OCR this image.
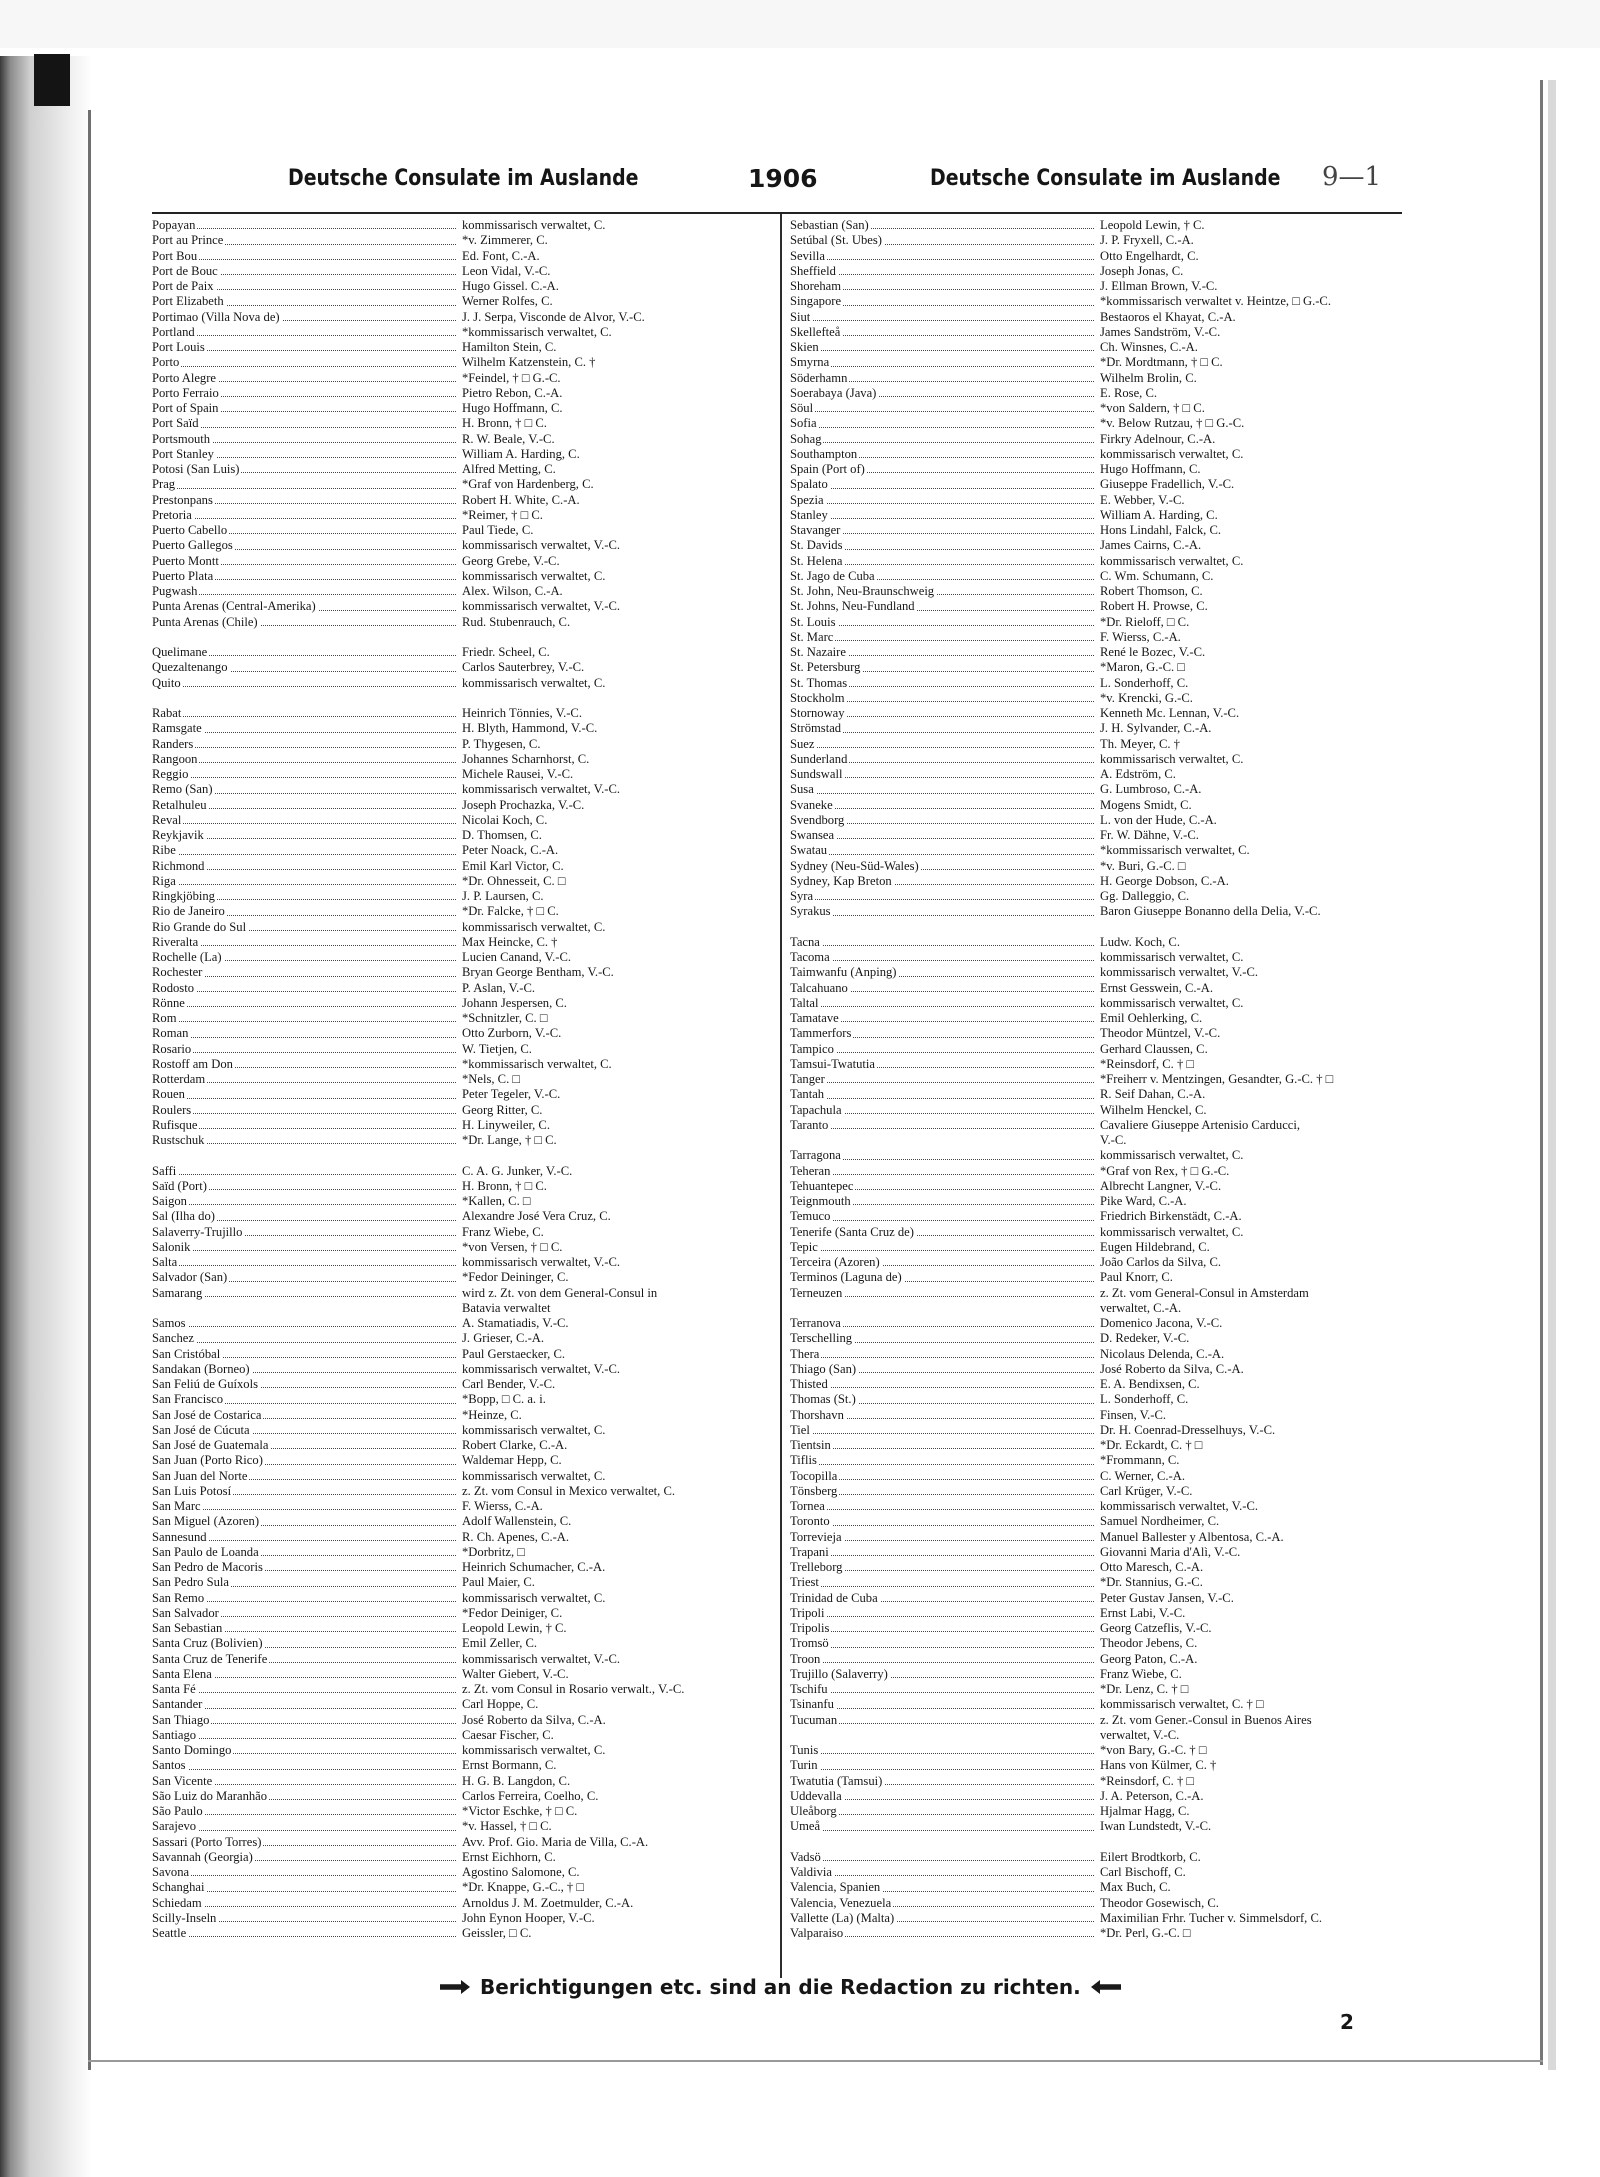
Deutsche Consulate im Auslande	1906	Deutsche Consulate im Auslande 9—1
Popayan	kommissarisch verwaltet, C.
Port au Prince	*v. Zimmerer, C.
Port Bou	Ed. Font, C.-A.
Port de Bouc	Leon Vidal, V.-C.
Port de Paix	Hugo Gissel. C.-A.
Port Elizabeth	Werner Rolfes, C.
Portimao (Villa Nova de)	J. J. Serpa, Visconde de Alvor, V.-C.
Portland	*kommissarisch verwaltet, C.
Port Louis	Hamilton Stein, C.
Porto	Wilhelm Katzenstein, C. †
Porto Alegre	*Feindel, † □ G.-C.
Porto Ferraio	Pietro Rebon, C.-A.
Port of Spain	Hugo Hoffmann, C.
Port Saïd	H. Bronn, † □ C.
Portsmouth	R. W. Beale, V.-C.
Port Stanley	William A. Harding, C.
Potosi (San Luis)	Alfred Metting, C.
Prag	*Graf von Hardenberg, C.
Prestonpans	Robert H. White, C.-A.
Pretoria	*Reimer, † □ C.
Puerto Cabello	Paul Tiede, C.
Puerto Gallegos	kommissarisch verwaltet, V.-C.
Puerto Montt	Georg Grebe, V.-C.
Puerto Plata	kommissarisch verwaltet, C.
Pugwash	Alex. Wilson, C.-A.
Punta Arenas (Central-Amerika)	kommissarisch verwaltet, V.-C.
Punta Arenas (Chile)	Rud. Stubenrauch, C.
Quelimane	Friedr. Scheel, C.
Quezaltenango	Carlos Sauterbrey, V.-C.
Quito	kommissarisch verwaltet, C.
Rabat	Heinrich Tönnies, V.-C.
Ramsgate	H. Blyth, Hammond, V.-C.
Randers	P. Thygesen, C.
Rangoon	Johannes Scharnhorst, C.
Reggio	Michele Rausei, V.-C.
Remo (San)	kommissarisch verwaltet, V.-C.
Retalhuleu	Joseph Prochazka, V.-C.
Reval	Nicolai Koch, C.
Reykjavik	D. Thomsen, C.
Ribe	Peter Noack, C.-A.
Richmond	Emil Karl Victor, C.
Riga	*Dr. Ohnesseit, C. □
Ringkjöbing	J. P. Laursen, C.
Rio de Janeiro	*Dr. Falcke, † □ C.
Rio Grande do Sul	kommissarisch verwaltet, C.
Riveralta	Max Heincke, C. †
Rochelle (La)	Lucien Canand, V.-C.
Rochester	Bryan George Bentham, V.-C.
Rodosto	P. Aslan, V.-C.
Rönne	Johann Jespersen, C.
Rom	*Schnitzler, C. □
Roman	Otto Zurborn, V.-C.
Rosario	W. Tietjen, C.
Rostoff am Don	*kommissarisch verwaltet, C.
Rotterdam	*Nels, C. □
Rouen	Peter Tegeler, V.-C.
Roulers	Georg Ritter, C.
Rufisque	H. Linyweiler, C.
Rustschuk	*Dr. Lange, † □ C.
Saffi	C. A. G. Junker, V.-C.
Saïd (Port)	H. Bronn, † □ C.
Saigon	*Kallen, C. □
Sal (Ilha do)	Alexandre José Vera Cruz, C.
Salaverry-Trujillo	Franz Wiebe, C.
Salonik	*von Versen, † □ C.
Salta	kommissarisch verwaltet, V.-C.
Salvador (San)	*Fedor Deininger, C.
Samarang	wird z. Zt. von dem General-Consul in
Batavia verwaltet
Samos	A. Stamatiadis, V.-C.
Sanchez	J. Grieser, C.-A.
San Cristóbal	Paul Gerstaecker, C.
Sandakan (Borneo)	kommissarisch verwaltet, V.-C.
San Feliú de Guíxols	Carl Bender, V.-C.
San Francisco	*Bopp, □ C. a. i.
San José de Costarica	*Heinze, C.
San José de Cúcuta	kommissarisch verwaltet, C.
San José de Guatemala	Robert Clarke, C.-A.
San Juan (Porto Rico)	Waldemar Hepp, C.
San Juan del Norte	kommissarisch verwaltet, C.
San Luis Potosí	z. Zt. vom Consul in Mexico verwaltet, C.
San Marc	F. Wierss, C.-A.
San Miguel (Azoren)	Adolf Wallenstein, C.
Sannesund	R. Ch. Apenes, C.-A.
San Paulo de Loanda	*Dorbritz, □
San Pedro de Macoris	Heinrich Schumacher, C.-A.
San Pedro Sula	Paul Maier, C.
San Remo	kommissarisch verwaltet, C.
San Salvador	*Fedor Deiniger, C.
San Sebastian	Leopold Lewin, † C.
Santa Cruz (Bolivien)	Emil Zeller, C.
Santa Cruz de Tenerife	kommissarisch verwaltet, V.-C.
Santa Elena	Walter Giebert, V.-C.
Santa Fé	z. Zt. vom Consul in Rosario verwalt., V.-C.
Santander	Carl Hoppe, C.
San Thiago	José Roberto da Silva, C.-A.
Santiago	Caesar Fischer, C.
Santo Domingo	kommissarisch verwaltet, C.
Santos	Ernst Bormann, C.
San Vicente	H. G. B. Langdon, C.
São Luiz do Maranhão	Carlos Ferreira, Coelho, C.
São Paulo	*Victor Eschke, † □ C.
Sarajevo	*v. Hassel, † □ C.
Sassari (Porto Torres)	Avv. Prof. Gio. Maria de Villa, C.-A.
Savannah (Georgia)	Ernst Eichhorn, C.
Savona	Agostino Salomone, C.
Schanghai	*Dr. Knappe, G.-C., † □
Schiedam	Arnoldus J. M. Zoetmulder, C.-A.
Scilly-Inseln	John Eynon Hooper, V.-C.
Seattle	Geissler, □ C.
Sebastian (San)	Leopold Lewin, † C.
Setúbal (St. Ubes)	J. P. Fryxell, C.-A.
Sevilla	Otto Engelhardt, C.
Sheffield	Joseph Jonas, C.
Shoreham	J. Ellman Brown, V.-C.
Singapore	*kommissarisch verwaltet v. Heintze, □ G.-C.
Siut	Bestaoros el Khayat, C.-A.
Skellefteå	James Sandström, V.-C.
Skien	Ch. Winsnes, C.-A.
Smyrna	*Dr. Mordtmann, † □ C.
Söderhamn	Wilhelm Brolin, C.
Soerabaya (Java)	E. Rose, C.
Söul	*von Saldern, † □ C.
Sofia	*v. Below Rutzau, † □ G.-C.
Sohag	Firkry Adelnour, C.-A.
Southampton	kommissarisch verwaltet, C.
Spain (Port of)	Hugo Hoffmann, C.
Spalato	Giuseppe Fradellich, V.-C.
Spezia	E. Webber, V.-C.
Stanley	William A. Harding, C.
Stavanger	Hons Lindahl, Falck, C.
St. Davids	James Cairns, C.-A.
St. Helena	kommissarisch verwaltet, C.
St. Jago de Cuba	C. Wm. Schumann, C.
St. John, Neu-Braunschweig	Robert Thomson, C.
St. Johns, Neu-Fundland	Robert H. Prowse, C.
St. Louis	*Dr. Rieloff, □ C.
St. Marc	F. Wierss, C.-A.
St. Nazaire	René le Bozec, V.-C.
St. Petersburg	*Maron, G.-C. □
St. Thomas	L. Sonderhoff, C.
Stockholm	*v. Krencki, G.-C.
Stornoway	Kenneth Mc. Lennan, V.-C.
Strömstad	J. H. Sylvander, C.-A.
Suez	Th. Meyer, C. †
Sunderland	kommissarisch verwaltet, C.
Sundswall	A. Edström, C.
Susa	G. Lumbroso, C.-A.
Svaneke	Mogens Smidt, C.
Svendborg	L. von der Hude, C.-A.
Swansea	Fr. W. Dähne, V.-C.
Swatau	*kommissarisch verwaltet, C.
Sydney (Neu-Süd-Wales)	*v. Buri, G.-C. □
Sydney, Kap Breton	H. George Dobson, C.-A.
Syra	Gg. Dalleggio, C.
Syrakus	Baron Giuseppe Bonanno della Delia, V.-C.
Tacna	Ludw. Koch, C.
Tacoma	kommissarisch verwaltet, C.
Taimwanfu (Anping)	kommissarisch verwaltet, V.-C.
Talcahuano	Ernst Gesswein, C.-A.
Taltal	kommissarisch verwaltet, C.
Tamatave	Emil Oehlerking, C.
Tammerfors	Theodor Müntzel, V.-C.
Tampico	Gerhard Claussen, C.
Tamsui-Twatutia	*Reinsdorf, C. † □
Tanger	*Freiherr v. Mentzingen, Gesandter, G.-C. † □
Tantah	R. Seif Dahan, C.-A.
Tapachula	Wilhelm Henckel, C.
Taranto	Cavaliere Giuseppe Artenisio Carducci,
V.-C.
Tarragona	kommissarisch verwaltet, C.
Teheran	*Graf von Rex, † □ G.-C.
Tehuantepec	Albrecht Langner, V.-C.
Teignmouth	Pike Ward, C.-A.
Temuco	Friedrich Birkenstädt, C.-A.
Tenerife (Santa Cruz de)	kommissarisch verwaltet, C.
Tepic	Eugen Hildebrand, C.
Terceira (Azoren)	João Carlos da Silva, C.
Terminos (Laguna de)	Paul Knorr, C.
Terneuzen	z. Zt. vom General-Consul in Amsterdam
verwaltet, C.-A.
Terranova	Domenico Jacona, V.-C.
Terschelling	D. Redeker, V.-C.
Thera	Nicolaus Delenda, C.-A.
Thiago (San)	José Roberto da Silva, C.-A.
Thisted	E. A. Bendixsen, C.
Thomas (St.)	L. Sonderhoff, C.
Thorshavn	Finsen, V.-C.
Tiel	Dr. H. Coenrad-Dresselhuys, V.-C.
Tientsin	*Dr. Eckardt, C. † □
Tiflis	*Frommann, C.
Tocopilla	C. Werner, C.-A.
Tönsberg	Carl Krüger, V.-C.
Tornea	kommissarisch verwaltet, V.-C.
Toronto	Samuel Nordheimer, C.
Torrevieja	Manuel Ballester y Albentosa, C.-A.
Trapani	Giovanni Maria d'Alì, V.-C.
Trelleborg	Otto Maresch, C.-A.
Triest	*Dr. Stannius, G.-C.
Trinidad de Cuba	Peter Gustav Jansen, V.-C.
Tripoli	Ernst Labi, V.-C.
Tripolis	Georg Catzeflis, V.-C.
Tromsö	Theodor Jebens, C.
Troon	Georg Paton, C.-A.
Trujillo (Salaverry)	Franz Wiebe, C.
Tschifu	*Dr. Lenz, C. † □
Tsinanfu	kommissarisch verwaltet, C. † □
Tucuman	z. Zt. vom Gener.-Consul in Buenos Aires
verwaltet, V.-C.
Tunis	*von Bary, G.-C. † □
Turin	Hans von Külmer, C. †
Twatutia (Tamsui)	*Reinsdorf, C. † □
Uddevalla	J. A. Peterson, C.-A.
Uleåborg	Hjalmar Hagg, C.
Umeå	Iwan Lundstedt, V.-C.
Vadsö	Eilert Brodtkorb, C.
Valdivia	Carl Bischoff, C.
Valencia, Spanien	Max Buch, C.
Valencia, Venezuela	Theodor Gosewisch, C.
Vallette (La) (Malta)	Maximilian Frhr. Tucher v. Simmelsdorf, C.
Valparaiso	*Dr. Perl, G.-C. □
Berichtigungen etc. sind an die Redaction zu richten.
2
